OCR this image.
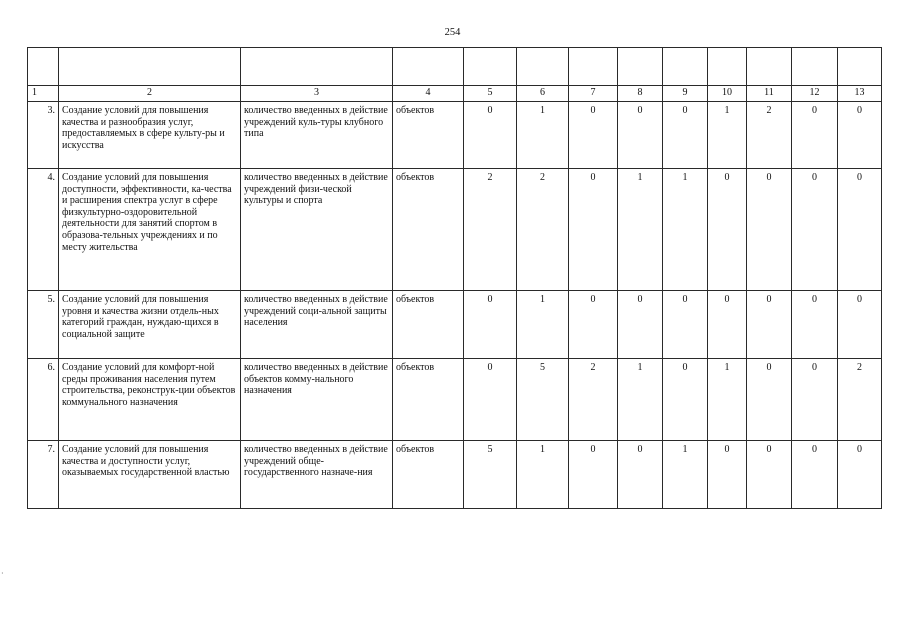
254

1	2	3	4	5	6	7	8	9	10	11	12	13
3.	Создание условий для повышения качества и разнообразия услуг, предоставляемых в сфере культу-ры и искусства	количество введенных в действие учреждений куль-туры клубного типа	объектов	0	1	0	0	0	1	2	0	0
4.	Создание условий для повышения доступности, эффективности, ка-чества и расширения спектра услуг в сфере физкультурно-оздоровительной деятельности для занятий спортом в образова-тельных учреждениях и по месту жительства	количество введенных в действие учреждений физи-ческой культуры и спорта	объектов	2	2	0	1	1	0	0	0	0
5.	Создание условий для повышения уровня и качества жизни отдель-ных категорий граждан, нуждаю-щихся в социальной защите	количество введенных в действие учреждений соци-альной защиты населения	объектов	0	1	0	0	0	0	0	0	0
6.	Создание условий для комфорт-ной среды проживания населения путем строительства, реконструк-ции объектов коммунального назначения	количество введенных в действие объектов комму-нального назначения	объектов	0	5	2	1	0	1	0	0	2
7.	Создание условий для повышения качества и доступности услуг, оказываемых государственной властью	количество введенных в действие учреждений обще-государственного назначе-ния	объектов	5	1	0	0	1	0	0	0	0
·
